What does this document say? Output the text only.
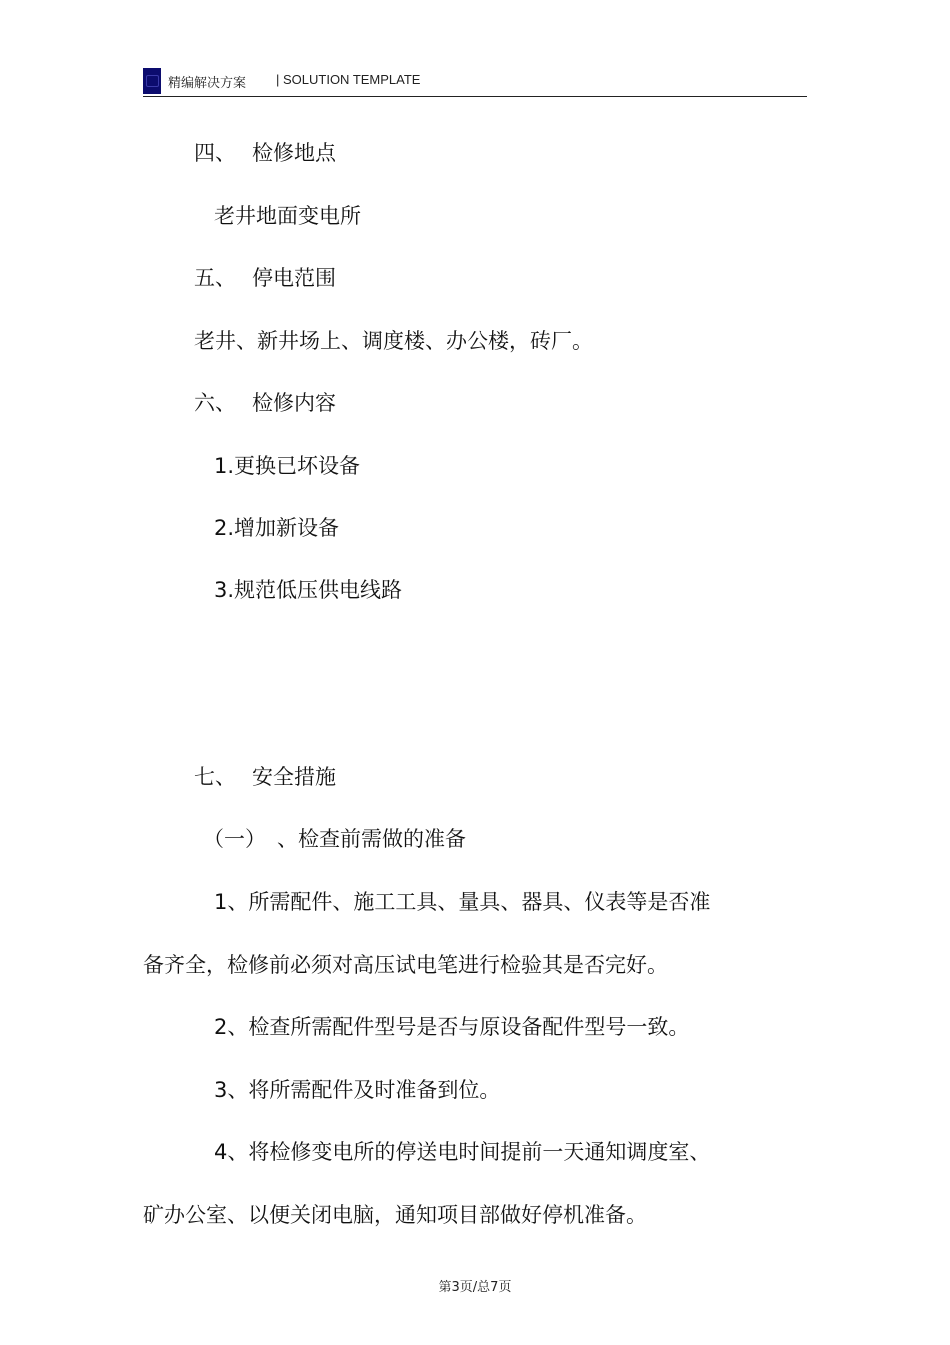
精编解决方案 | SOLUTION TEMPLATE
四、 检修地点
老井地面变电所
五、 停电范围
老井、新井场上、调度楼、办公楼，砖厂。
六、 检修内容
1.更换已坏设备
2.增加新设备
3.规范低压供电线路
七、 安全措施
（一） 、检查前需做的准备
1、所需配件、施工工具、量具、器具、仪表等是否准
备齐全，检修前必须对高压试电笔进行检验其是否完好。
2、检查所需配件型号是否与原设备配件型号一致。
3、将所需配件及时准备到位。
4、将检修变电所的停送电时间提前一天通知调度室、
矿办公室、以便关闭电脑，通知项目部做好停机准备。
第3页/总7页
